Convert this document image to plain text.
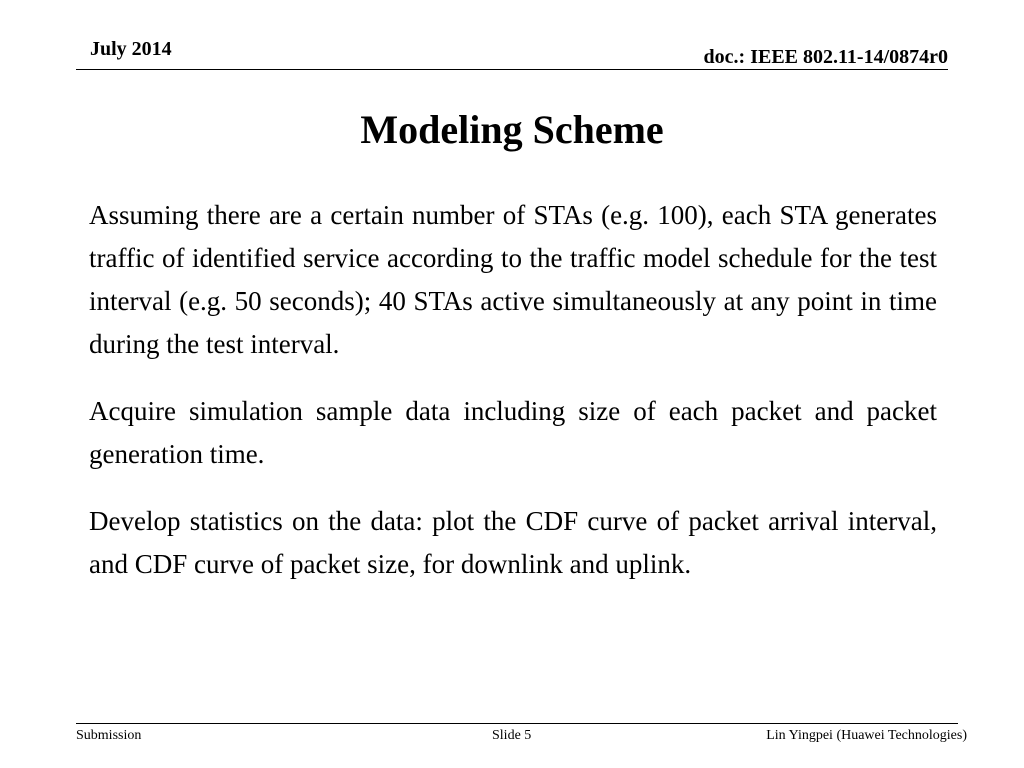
July 2014	doc.: IEEE 802.11-14/0874r0
Modeling Scheme

Assuming there are a certain number of STAs (e.g. 100), each STA generates traffic of identified service according to the traffic model schedule for the test interval (e.g. 50 seconds); 40 STAs active simultaneously at any point in time during the test interval.

Acquire simulation sample data including size of each packet and packet generation time.

Develop statistics on the data: plot the CDF curve of packet arrival interval, and CDF curve of packet size, for downlink and uplink.

Submission	Slide 5	Lin Yingpei (Huawei Technologies)
